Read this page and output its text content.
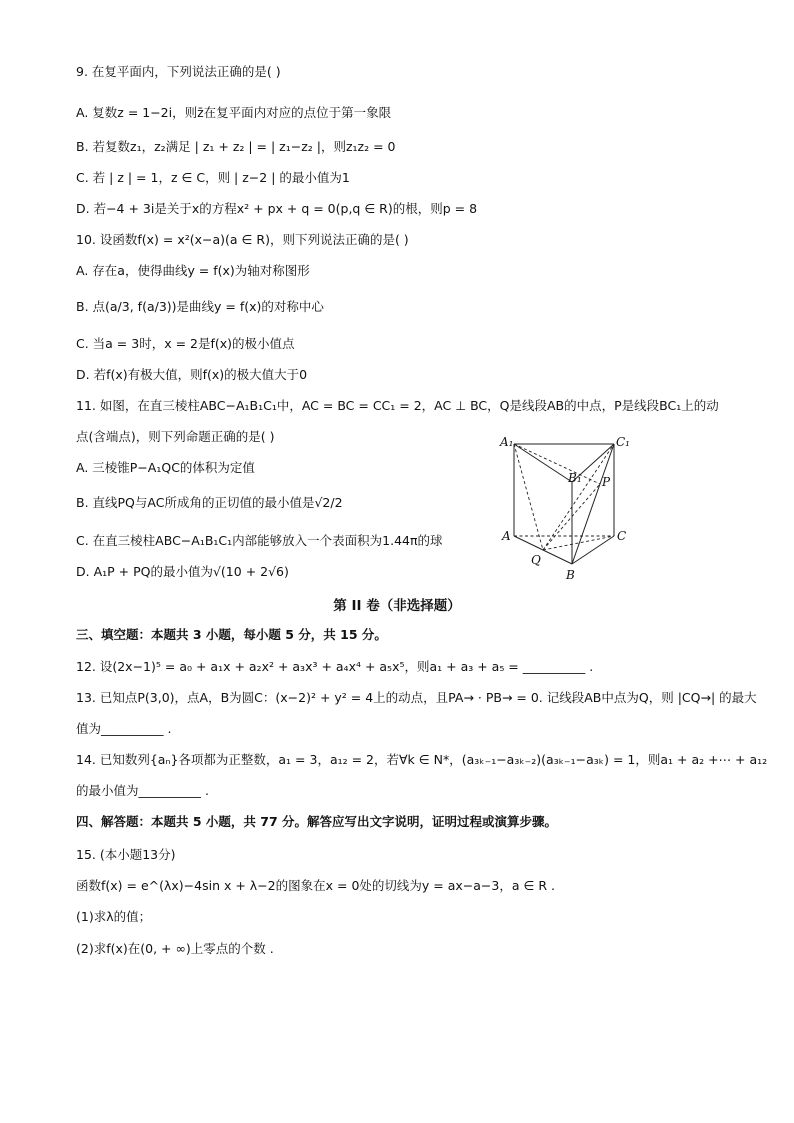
9. 在复平面内，下列说法正确的是( )
A. 复数z = 1−2i，则z̄在复平面内对应的点位于第一象限
B. 若复数z₁，z₂满足 | z₁ + z₂ | = | z₁−z₂ |，则z₁z₂ = 0
C. 若 | z | = 1，z ∈ C，则 | z−2 | 的最小值为1
D. 若−4 + 3i是关于x的方程x² + px + q = 0(p,q ∈ R)的根，则p = 8
10. 设函数f(x) = x²(x−a)(a ∈ R)，则下列说法正确的是( )
A. 存在a，使得曲线y = f(x)为轴对称图形
B. 点(a/3, f(a/3))是曲线y = f(x)的对称中心
C. 当a = 3时，x = 2是f(x)的极小值点
D. 若f(x)有极大值，则f(x)的极大值大于0
11. 如图，在直三棱柱ABC−A₁B₁C₁中，AC = BC = CC₁ = 2，AC ⊥ BC，Q是线段AB的中点，P是线段BC₁上的动
点(含端点)，则下列命题正确的是( )
A. 三棱锥P−A₁QC的体积为定值
B. 直线PQ与AC所成角的正切值的最小值是√2/2
C. 在直三棱柱ABC−A₁B₁C₁内部能够放入一个表面积为1.44π的球
D. A₁P + PQ的最小值为√(10 + 2√6)
A₁	C₁
B₁ P
A	C
Q
B
第 II 卷（非选择题）
三、填空题：本题共 3 小题，每小题 5 分，共 15 分。
12. 设(2x−1)⁵ = a₀ + a₁x + a₂x² + a₃x³ + a₄x⁴ + a₅x⁵，则a₁ + a₃ + a₅ = __________ .
13. 已知点P(3,0)，点A，B为圆C：(x−2)² + y² = 4上的动点，且PA→ · PB→ = 0. 记线段AB中点为Q，则 |CQ→| 的最大
值为__________ .
14. 已知数列{aₙ}各项都为正整数，a₁ = 3，a₁₂ = 2，若∀k ∈ N*，(a₃ₖ₋₁−a₃ₖ₋₂)(a₃ₖ₋₁−a₃ₖ) = 1，则a₁ + a₂ +⋯ + a₁₂
的最小值为__________ .
四、解答题：本题共 5 小题，共 77 分。解答应写出文字说明，证明过程或演算步骤。
15. (本小题13分)
函数f(x) = e^(λx)−4sin x + λ−2的图象在x = 0处的切线为y = ax−a−3，a ∈ R .
(1)求λ的值；
(2)求f(x)在(0, + ∞)上零点的个数 .
